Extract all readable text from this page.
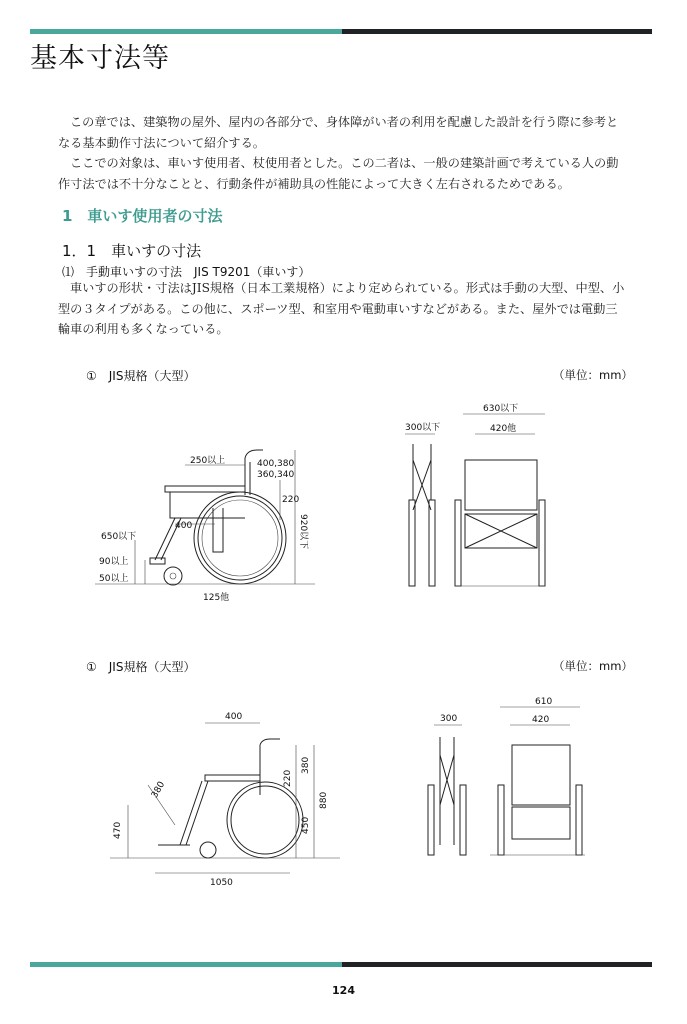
基本寸法等

この章では、建築物の屋外、屋内の各部分で、身体障がい者の利用を配慮した設計を行う際に参考となる基本動作寸法について紹介する。

ここでの対象は、車いす使用者、杖使用者とした。この二者は、一般の建築計画で考えている人の動作寸法では不十分なことと、行動条件が補助具の性能によって大きく左右されるためである。

1　車いす使用者の寸法
1．1　車いすの寸法
⑴　手動車いすの寸法　JIS T9201（車いす）

車いすの形状・寸法はJIS規格（日本工業規格）により定められている。形式は手動の大型、中型、小型の３タイプがある。この他に、スポーツ型、和室用や電動車いすなどがある。また、屋外では電動三輪車の利用も多くなっている。

①　JIS規格（大型）	（単位：mm）
250以上	400,380
360,340
220
920以下
400
650以下
90以上
50以上
125他
630以下
300以下	420他
①　JIS規格（大型）	（単位：mm）
400
380
470
220
380
880
450
1050
610
300	420
124
